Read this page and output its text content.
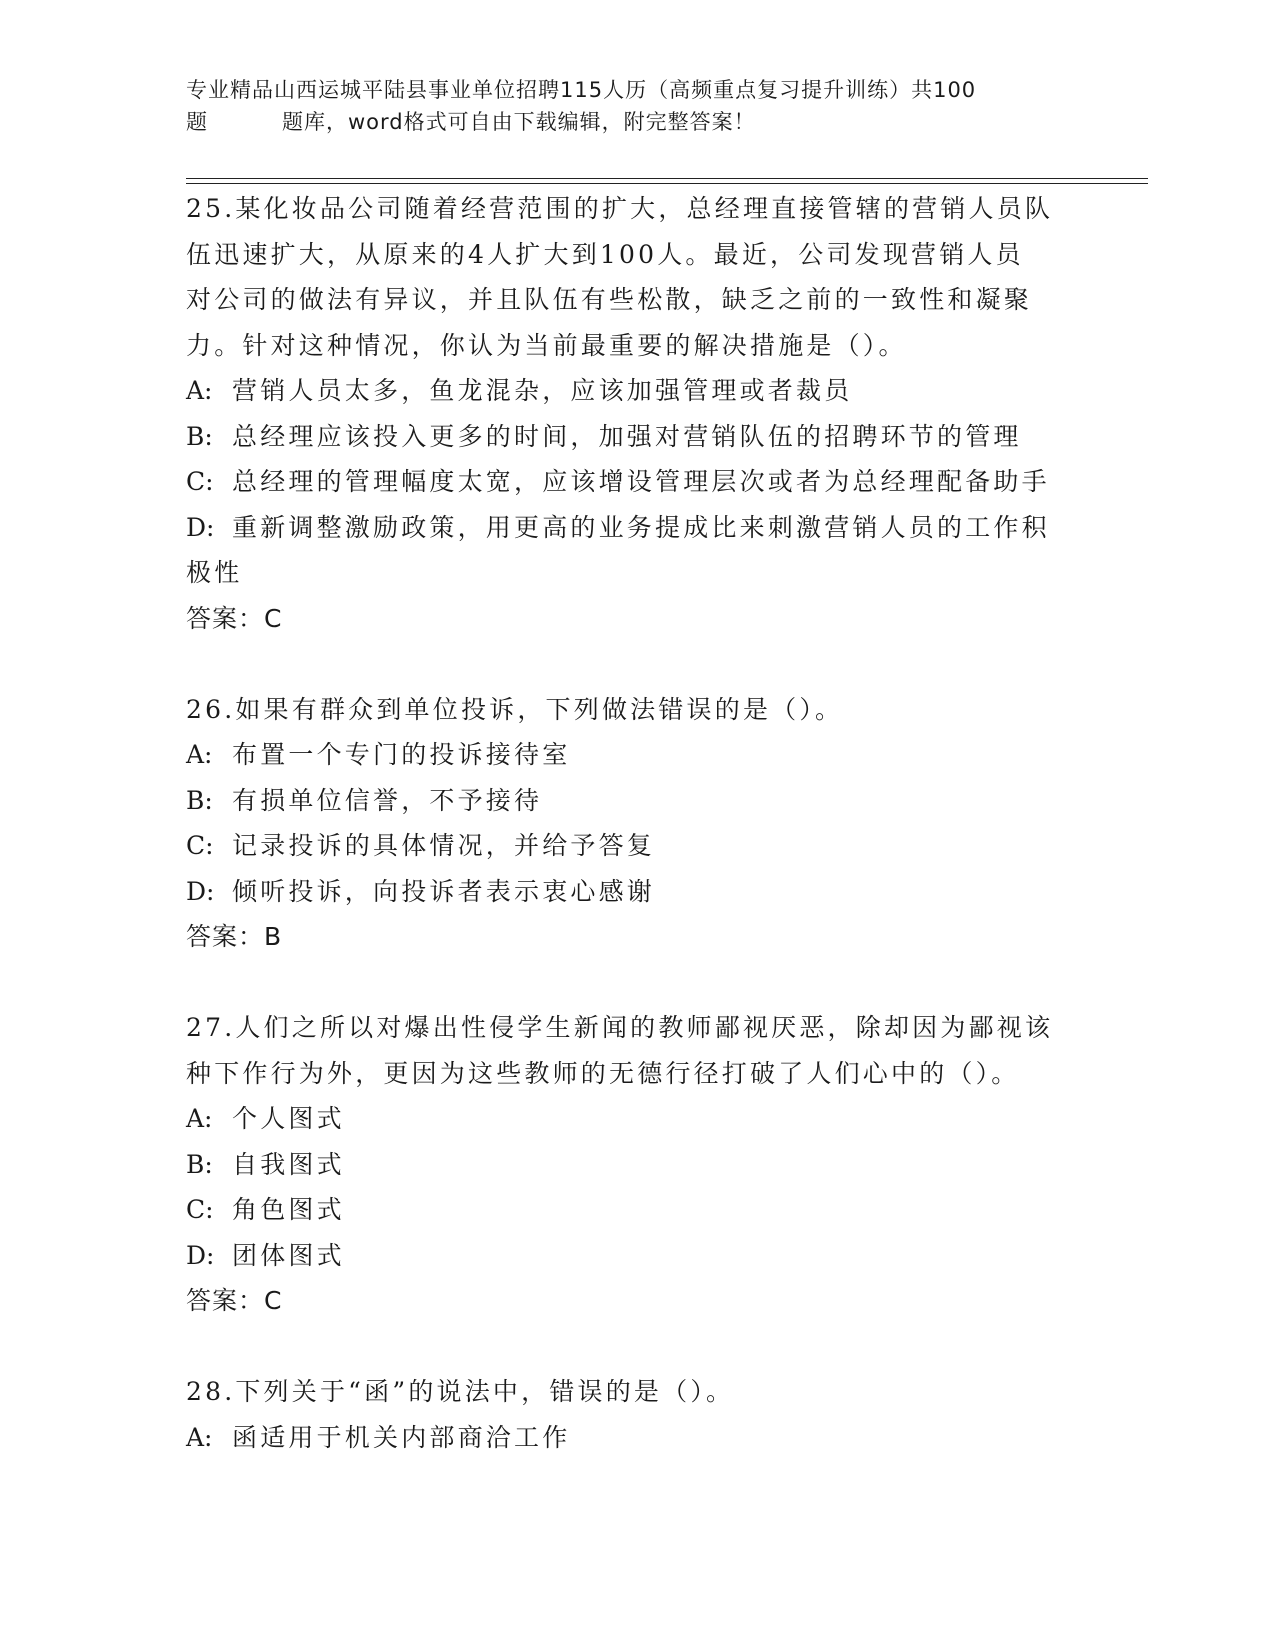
专业精品山西运城平陆县事业单位招聘115人历（高频重点复习提升训练）共100
题	题库，word格式可自由下载编辑，附完整答案！
25.某化妆品公司随着经营范围的扩大，总经理直接管辖的营销人员队
伍迅速扩大，从原来的4人扩大到100人。最近，公司发现营销人员
对公司的做法有异议，并且队伍有些松散，缺乏之前的一致性和凝聚
力。针对这种情况，你认为当前最重要的解决措施是（）。
A: 营销人员太多，鱼龙混杂，应该加强管理或者裁员
B: 总经理应该投入更多的时间，加强对营销队伍的招聘环节的管理
C: 总经理的管理幅度太宽，应该增设管理层次或者为总经理配备助手
D: 重新调整激励政策，用更高的业务提成比来刺激营销人员的工作积
极性
答案：C
26.如果有群众到单位投诉，下列做法错误的是（）。
A: 布置一个专门的投诉接待室
B: 有损单位信誉，不予接待
C: 记录投诉的具体情况，并给予答复
D: 倾听投诉，向投诉者表示衷心感谢
答案：B
27.人们之所以对爆出性侵学生新闻的教师鄙视厌恶，除却因为鄙视该
种下作行为外，更因为这些教师的无德行径打破了人们心中的（）。
A: 个人图式
B: 自我图式
C: 角色图式
D: 团体图式
答案：C
28.下列关于“函”的说法中，错误的是（）。
A: 函适用于机关内部商洽工作
